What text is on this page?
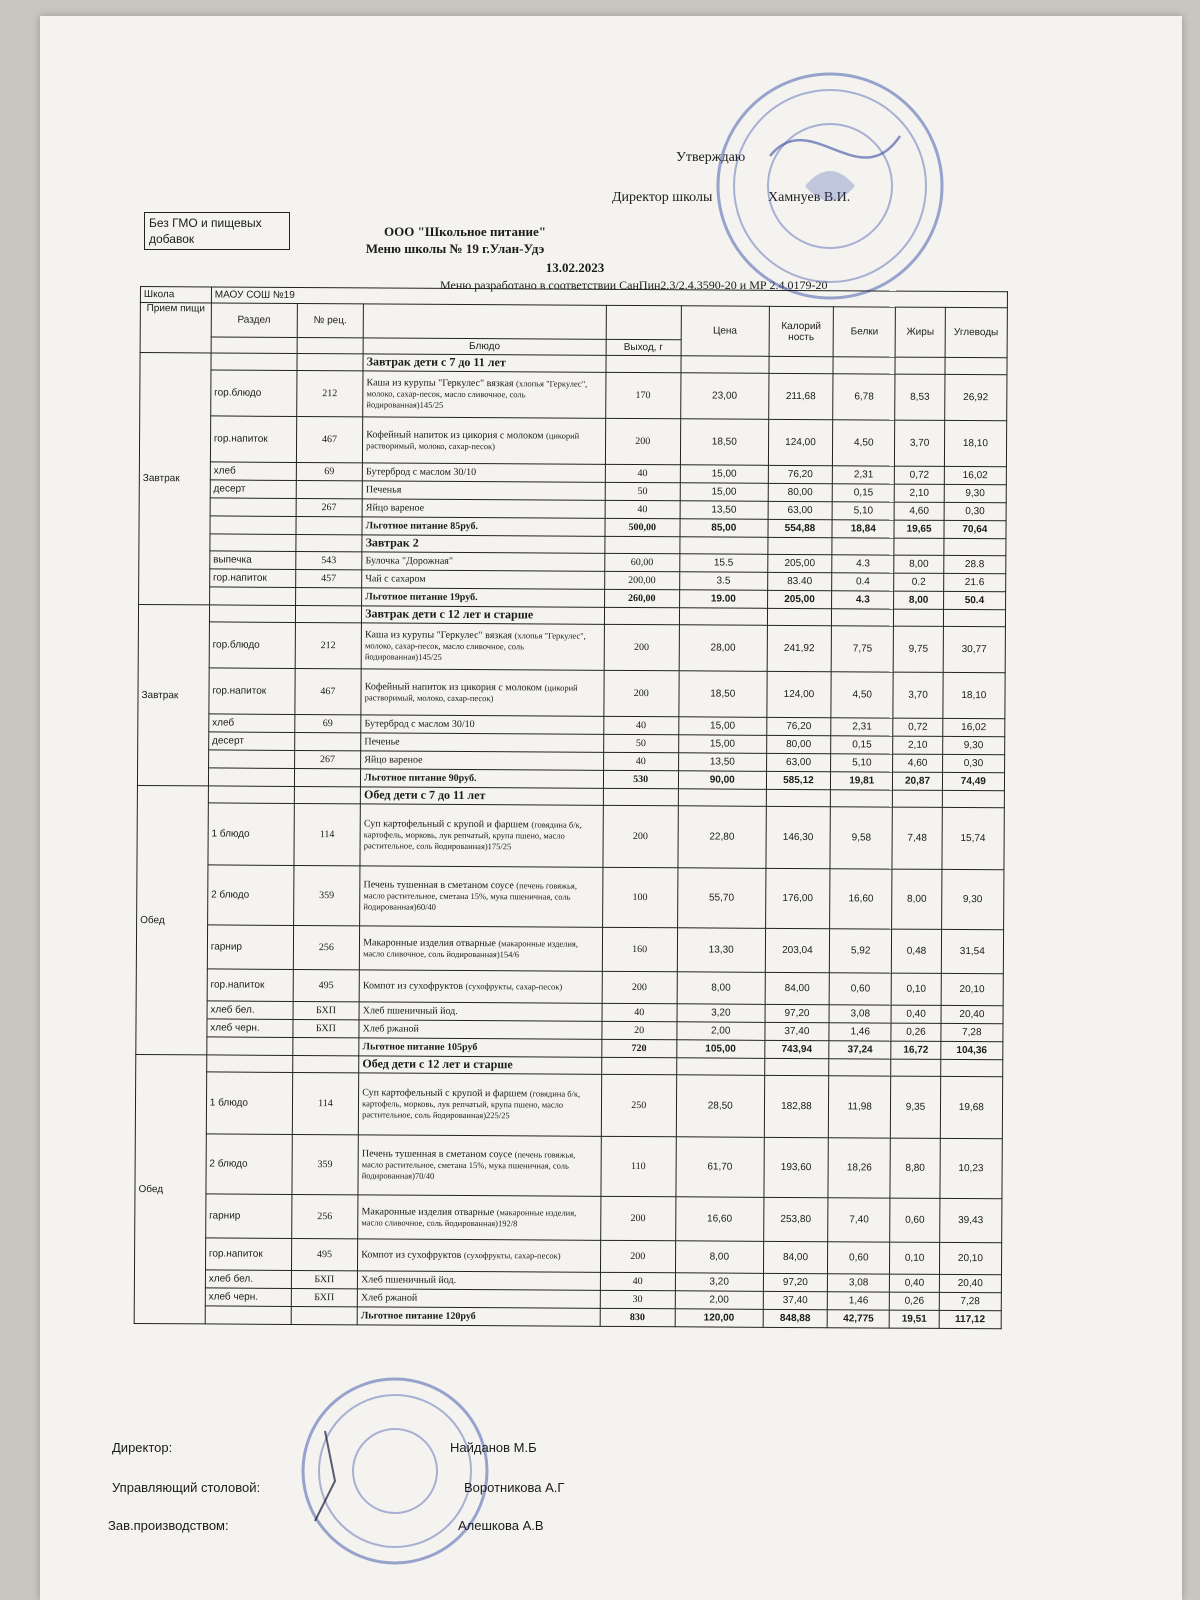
Утверждаю
Директор школы	Хамнуев В.И.
Без ГМО и пищевых добавок	ООО "Школьное питание"
Меню школы № 19 г.Улан-Удэ
13.02.2023
Меню разработано в соответствии СанПин2.3/2.4.3590-20 и МР 2.4.0179-20
Школа	МАОУ СОШ №19								
Прием пищи	Раздел	№ рец.			Цена	Калорий ность	Белки	Жиры	Углеводы
			Блюдо	Выход, г					
Завтрак			Завтрак дети с 7 до 11 лет						
	гор.блюдо	212	Каша из курупы "Геркулес" вязкая (хлопья "Геркулес", молоко, сахар-песок, масло сливочное, соль йодированная)145/25	170	23,00	211,68	6,78	8,53	26,92
	гор.напиток	467	Кофейный напиток из цикория с молоком (цикорий растворимый, молоко, сахар-песок)	200	18,50	124,00	4,50	3,70	18,10
	хлеб	69	Бутерброд с маслом 30/10	40	15,00	76,20	2,31	0,72	16,02
	десерт		Печенья	50	15,00	80,00	0,15	2,10	9,30
		267	Яйцо вареное	40	13,50	63,00	5,10	4,60	0,30
			Льготное питание 85руб.	500,00	85,00	554,88	18,84	19,65	70,64
			Завтрак 2						
	выпечка	543	Булочка "Дорожная"	60,00	15.5	205,00	4.3	8,00	28.8
	гор.напиток	457	Чай с сахаром	200,00	3.5	83.40	0.4	0.2	21.6
			Льготное питание 19руб.	260,00	19.00	205,00	4.3	8,00	50.4
Завтрак			Завтрак дети с 12 лет и старше						
	гор.блюдо	212	Каша из курупы "Геркулес" вязкая (хлопья "Геркулес", молоко, сахар-песок, масло сливочное, соль йодированная)145/25	200	28,00	241,92	7,75	9,75	30,77
	гор.напиток	467	Кофейный напиток из цикория с молоком (цикорий растворимый, молоко, сахар-песок)	200	18,50	124,00	4,50	3,70	18,10
	хлеб	69	Бутерброд с маслом 30/10	40	15,00	76,20	2,31	0,72	16,02
	десерт		Печенье	50	15,00	80,00	0,15	2,10	9,30
		267	Яйцо вареное	40	13,50	63,00	5,10	4,60	0,30
			Льготное питание 90руб.	530	90,00	585,12	19,81	20,87	74,49
Обед			Обед дети с 7 до 11 лет						
	1 блюдо	114	Суп картофельный с крупой и фаршем (говядина б/к, картофель, морковь, лук репчатый, крупа пшено, масло растительное, соль йодированная)175/25	200	22,80	146,30	9,58	7,48	15,74
	2 блюдо	359	Печень тушенная в сметаном соусе (печень говяжья, масло растительное, сметана 15%, мука пшеничная, соль йодированная)60/40	100	55,70	176,00	16,60	8,00	9,30
	гарнир	256	Макаронные изделия отварные (макаронные изделия, масло сливочное, соль йодированная)154/6	160	13,30	203,04	5,92	0,48	31,54
	гор.напиток	495	Компот из сухофруктов (сухофрукты, сахар-песок)	200	8,00	84,00	0,60	0,10	20,10
	хлеб бел.	БХП	Хлеб пшеничный йод.	40	3,20	97,20	3,08	0,40	20,40
	хлеб черн.	БХП	Хлеб ржаной	20	2,00	37,40	1,46	0,26	7,28
			Льготное питание 105руб	720	105,00	743,94	37,24	16,72	104,36
Обед			Обед дети с 12 лет и старше						
	1 блюдо	114	Суп картофельный с крупой и фаршем (говядина б/к, картофель, морковь, лук репчатый, крупа пшено, масло растительное, соль йодированная)225/25	250	28,50	182,88	11,98	9,35	19,68
	2 блюдо	359	Печень тушенная в сметаном соусе (печень говяжья, масло растительное, сметана 15%, мука пшеничная, соль йодированная)70/40	110	61,70	193,60	18,26	8,80	10,23
	гарнир	256	Макаронные изделия отварные (макаронные изделия, масло сливочное, соль йодированная)192/8	200	16,60	253,80	7,40	0,60	39,43
	гор.напиток	495	Компот из сухофруктов (сухофрукты, сахар-песок)	200	8,00	84,00	0,60	0,10	20,10
	хлеб бел.	БХП	Хлеб пшеничный йод.	40	3,20	97,20	3,08	0,40	20,40
	хлеб черн.	БХП	Хлеб ржаной	30	2,00	37,40	1,46	0,26	7,28
			Льготное питание 120руб	830	120,00	848,88	42,775	19,51	117,12
Директор:	Найданов М.Б
Управляющий столовой:	Воротникова А.Г
Зав.производством:	Алешкова А.В
